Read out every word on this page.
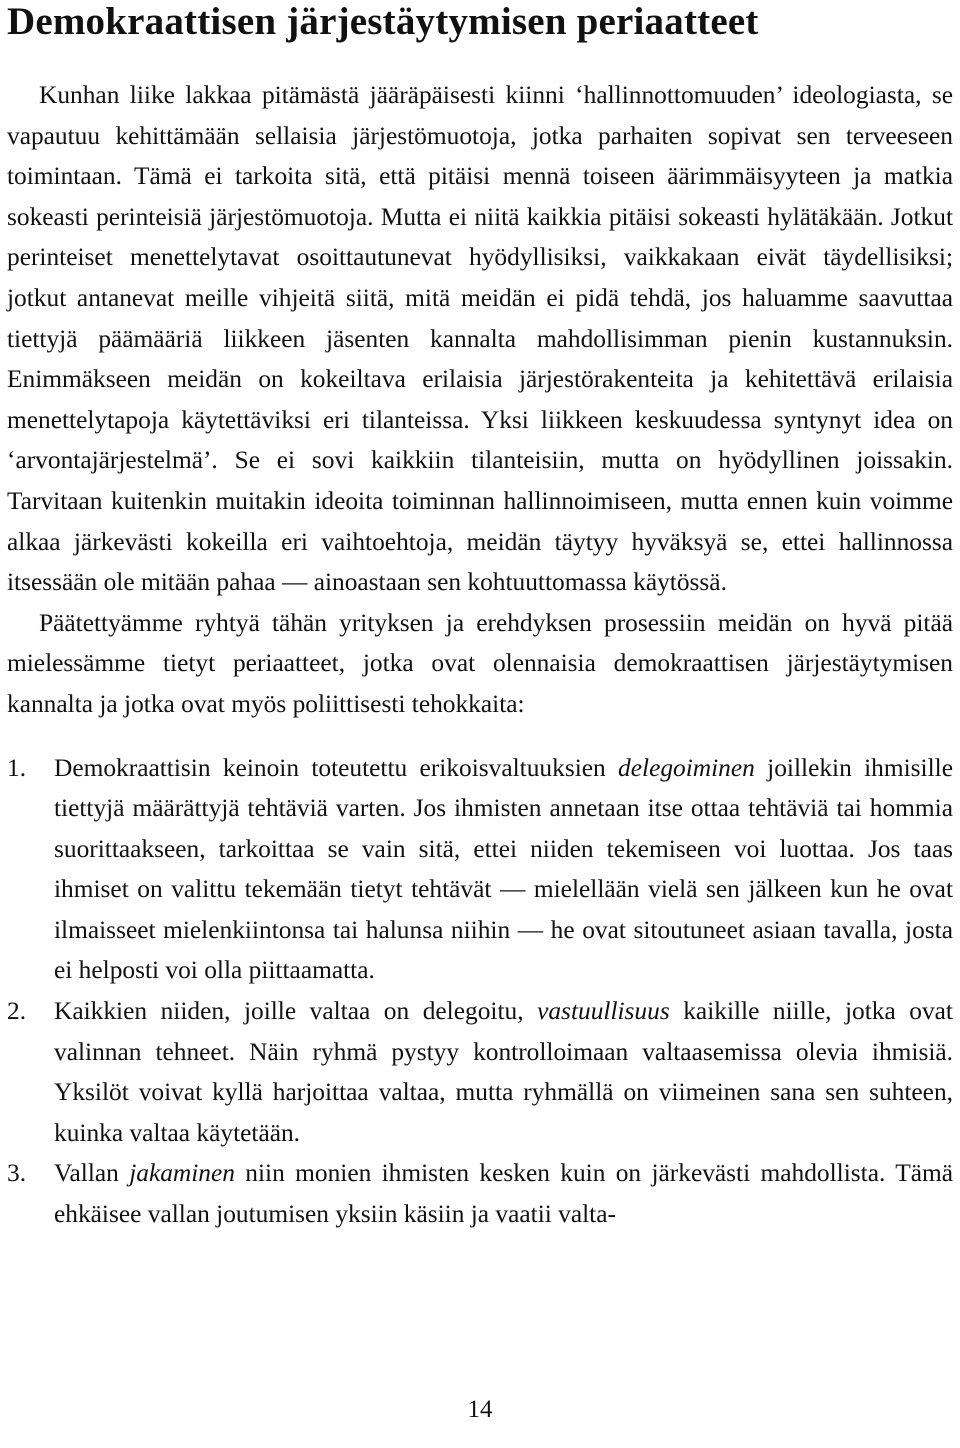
Demokraattisen järjestäytymisen periaatteet

Kunhan liike lakkaa pitämästä jääräpäisesti kiinni ‘hallinnottomuuden’ ideologiasta, se vapautuu kehittämään sellaisia järjestömuotoja, jotka parhaiten sopivat sen terveeseen toimintaan. Tämä ei tarkoita sitä, että pitäisi mennä toiseen äärimmäisyyteen ja matkia sokeasti perinteisiä järjestömuotoja. Mutta ei niitä kaikkia pitäisi sokeasti hylätäkään. Jotkut perinteiset menettelytavat osoittautunevat hyödyllisiksi, vaikkakaan eivät täydellisiksi; jotkut antanevat meille vihjeitä siitä, mitä meidän ei pidä tehdä, jos haluamme saavuttaa tiettyjä päämääriä liikkeen jäsenten kannalta mahdollisimman pienin kustannuksin. Enimmäkseen meidän on kokeiltava erilaisia järjestörakenteita ja kehitettävä erilaisia menettelytapoja käytettäviksi eri tilanteissa. Yksi liikkeen keskuudessa syntynyt idea on ‘arvontajärjestelmä’. Se ei sovi kaikkiin tilanteisiin, mutta on hyödyllinen joissakin. Tarvitaan kuitenkin muitakin ideoita toiminnan hallinnoimiseen, mutta ennen kuin voimme alkaa järkevästi kokeilla eri vaihtoehtoja, meidän täytyy hyväksyä se, ettei hallinnossa itsessään ole mitään pahaa — ainoastaan sen kohtuuttomassa käytössä.

Päätettyämme ryhtyä tähän yrityksen ja erehdyksen prosessiin meidän on hyvä pitää mielessämme tietyt periaatteet, jotka ovat olennaisia demokraattisen järjestäytymisen kannalta ja jotka ovat myös poliittisesti tehokkaita:

1. Demokraattisin keinoin toteutettu erikoisvaltuuksien delegoiminen joillekin ihmisille tiettyjä määrättyjä tehtäviä varten. Jos ihmisten annetaan itse ottaa tehtäviä tai hommia suorittaakseen, tarkoittaa se vain sitä, ettei niiden tekemiseen voi luottaa. Jos taas ihmiset on valittu tekemään tietyt tehtävät — mielellään vielä sen jälkeen kun he ovat ilmaisseet mielenkiintonsa tai halunsa niihin — he ovat sitoutuneet asiaan tavalla, josta ei helposti voi olla piittaamatta.
2. Kaikkien niiden, joille valtaa on delegoitu, vastuullisuus kaikille niille, jotka ovat valinnan tehneet. Näin ryhmä pystyy kontrolloimaan valtaasemissa olevia ihmisiä. Yksilöt voivat kyllä harjoittaa valtaa, mutta ryhmällä on viimeinen sana sen suhteen, kuinka valtaa käytetään.
3. Vallan jakaminen niin monien ihmisten kesken kuin on järkevästi mahdollista. Tämä ehkäisee vallan joutumisen yksiin käsiin ja vaatii valta-
14
